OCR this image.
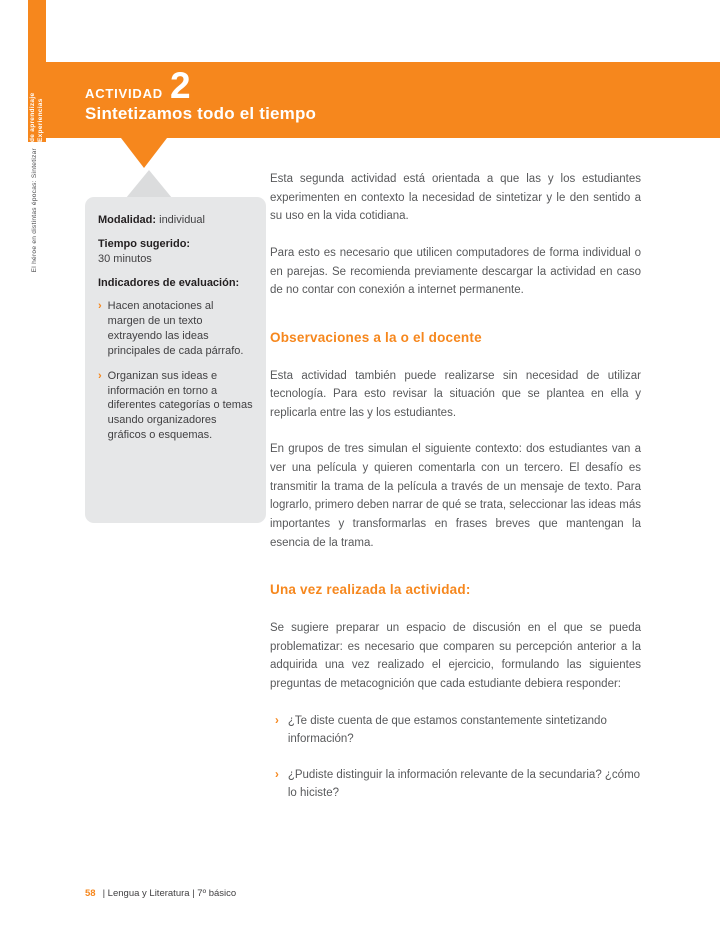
de aprendizaje Experiencias
El héroe en distintas épocas: Sintetizar
ACTIVIDAD 2
Sintetizamos todo el tiempo
Modalidad: individual
Tiempo sugerido:
30 minutos
Indicadores de evaluación:
› Hacen anotaciones al margen de un texto extrayendo las ideas principales de cada párrafo.
› Organizan sus ideas e información en torno a diferentes categorías o temas usando organizadores gráficos o esquemas.

Esta segunda actividad está orientada a que las y los estudiantes experimenten en contexto la necesidad de sintetizar y le den sentido a su uso en la vida cotidiana.

Para esto es necesario que utilicen computadores de forma individual o en parejas. Se recomienda previamente descargar la actividad en caso de no contar con conexión a internet permanente.

Observaciones a la o el docente

Esta actividad también puede realizarse sin necesidad de utilizar tecnología. Para esto revisar la situación que se plantea en ella y replicarla entre las y los estudiantes.

En grupos de tres simulan el siguiente contexto: dos estudiantes van a ver una película y quieren comentarla con un tercero. El desafío es transmitir la trama de la película a través de un mensaje de texto. Para lograrlo, primero deben narrar de qué se trata, seleccionar las ideas más importantes y transformarlas en frases breves que mantengan la esencia de la trama.

Una vez realizada la actividad:

Se sugiere preparar un espacio de discusión en el que se pueda problematizar: es necesario que comparen su percepción anterior a la adquirida una vez realizado el ejercicio, formulando las siguientes preguntas de metacognición que cada estudiante debiera responder:

› ¿Te diste cuenta de que estamos constantemente sintetizando información?
› ¿Pudiste distinguir la información relevante de la secundaria? ¿cómo lo hiciste?
58 | Lengua y Literatura | 7º básico
